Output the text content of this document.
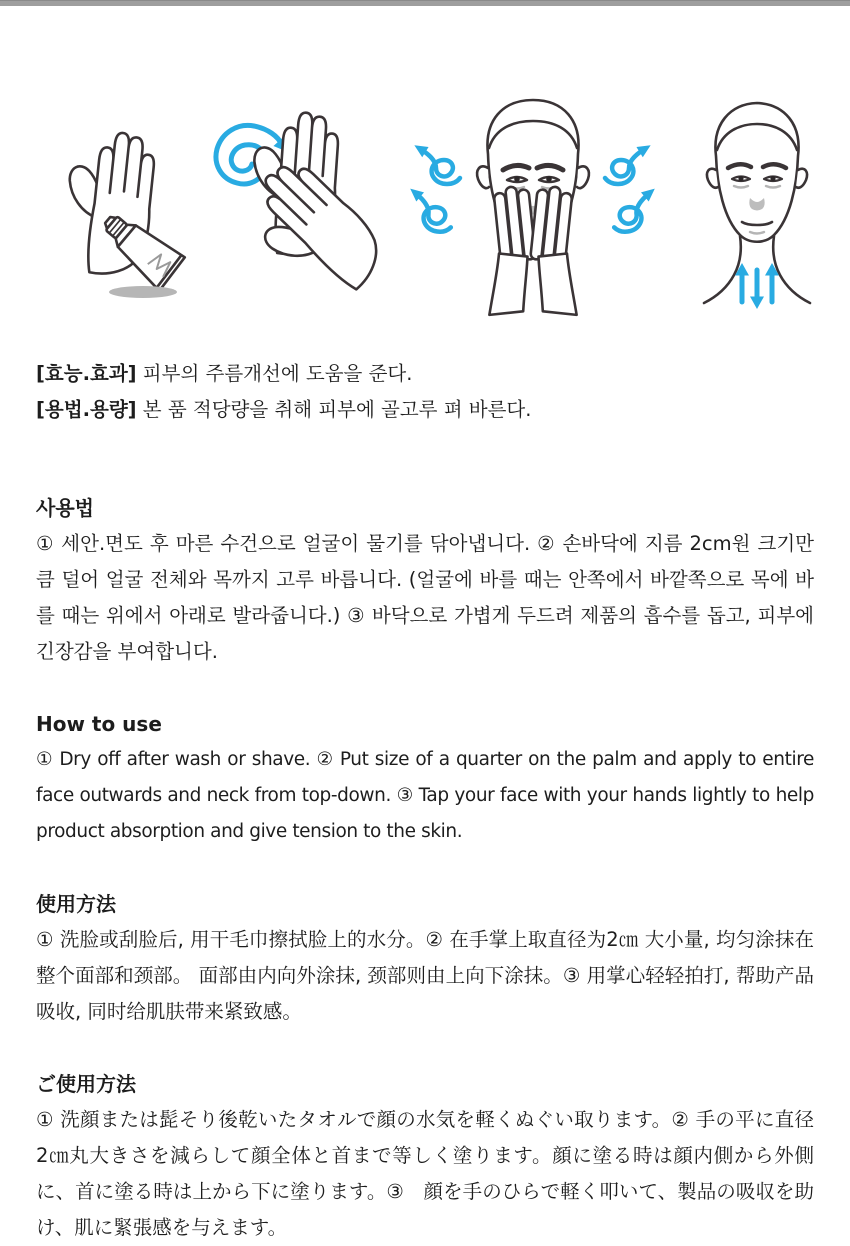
[효능.효과] 피부의 주름개선에 도움을 준다.

[용법.용량] 본 품 적당량을 취해 피부에 골고루 펴 바른다.

사용법

① 세안.면도 후 마른 수건으로 얼굴이 물기를 닦아냅니다. ② 손바닥에 지름 2cm원 크기만큼 덜어 얼굴 전체와 목까지 고루 바릅니다. (얼굴에 바를 때는 안쪽에서 바깥쪽으로 목에 바를 때는 위에서 아래로 발라줍니다.) ③ 바닥으로 가볍게 두드려 제품의 흡수를 돕고, 피부에 긴장감을 부여합니다.

How to use

① Dry off after wash or shave. ② Put size of a quarter on the palm and apply to entire face outwards and neck from top-down. ③ Tap your face with your hands lightly to help product absorption and give tension to the skin.

使用方法

① 洗脸或刮脸后, 用干毛巾擦拭脸上的水分。② 在手掌上取直径为2㎝ 大小量, 均匀涂抹在整个面部和颈部。 面部由内向外涂抹, 颈部则由上向下涂抹。③ 用掌心轻轻拍打, 帮助产品吸收, 同时给肌肤带来紧致感。

ご使用方法

① 洗顔または髭そり後乾いたタオルで顔の水気を軽くぬぐい取ります。② 手の平に直径2㎝丸大きさを減らして顔全体と首まで等しく塗ります。顔に塗る時は顔内側から外側に、首に塗る時は上から下に塗ります。③　顔を手のひらで軽く叩いて、製品の吸収を助け、肌に緊張感を与えます。
